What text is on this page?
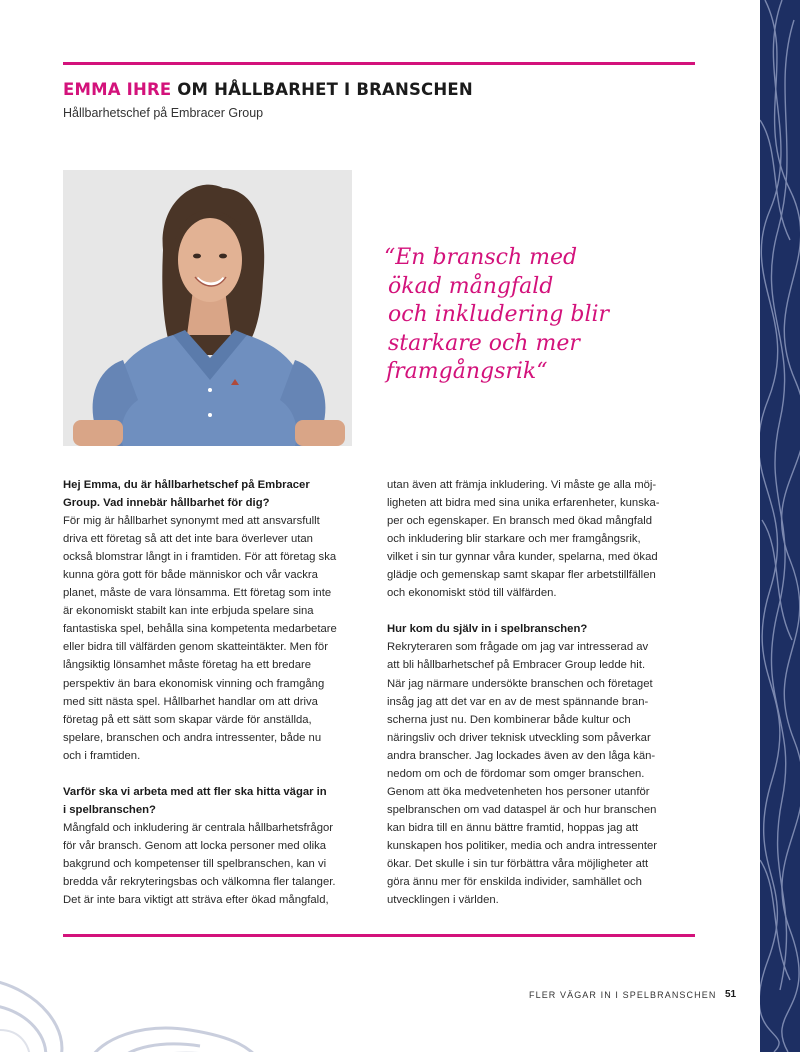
EMMA IHRE OM HÅLLBARHET I BRANSCHEN
Hållbarhetschef på Embracer Group
“En bransch med
ökad mångfald
och inkludering blir
starkare och mer
framgångsrik“
Hej Emma, du är hållbarhetschef på Embracer
Group. Vad innebär hållbarhet för dig?
För mig är hållbarhet synonymt med att ansvarsfullt
driva ett företag så att det inte bara överlever utan
också blomstrar långt in i framtiden. För att företag ska
kunna göra gott för både människor och vår vackra
planet, måste de vara lönsamma. Ett företag som inte
är ekonomiskt stabilt kan inte erbjuda spelare sina
fantastiska spel, behålla sina kompetenta medarbetare
eller bidra till välfärden genom skatteintäkter. Men för
långsiktig lönsamhet måste företag ha ett bredare
perspektiv än bara ekonomisk vinning och framgång
med sitt nästa spel. Hållbarhet handlar om att driva
företag på ett sätt som skapar värde för anställda,
spelare, branschen och andra intressenter, både nu
och i framtiden.
Varför ska vi arbeta med att fler ska hitta vägar in
i spelbranschen?
Mångfald och inkludering är centrala hållbarhetsfrågor
för vår bransch. Genom att locka personer med olika
bakgrund och kompetenser till spelbranschen, kan vi
bredda vår rekryteringsbas och välkomna fler talanger.
Det är inte bara viktigt att sträva efter ökad mångfald,
utan även att främja inkludering. Vi måste ge alla möj-
ligheten att bidra med sina unika erfarenheter, kunska-
per och egenskaper. En bransch med ökad mångfald
och inkludering blir starkare och mer framgångsrik,
vilket i sin tur gynnar våra kunder, spelarna, med ökad
glädje och gemenskap samt skapar fler arbetstillfällen
och ekonomiskt stöd till välfärden.
Hur kom du själv in i spelbranschen?
Rekryteraren som frågade om jag var intresserad av
att bli hållbarhetschef på Embracer Group ledde hit.
När jag närmare undersökte branschen och företaget
insåg jag att det var en av de mest spännande bran-
scherna just nu. Den kombinerar både kultur och
näringsliv och driver teknisk utveckling som påverkar
andra branscher. Jag lockades även av den låga kän-
nedom om och de fördomar som omger branschen.
Genom att öka medvetenheten hos personer utanför
spelbranschen om vad dataspel är och hur branschen
kan bidra till en ännu bättre framtid, hoppas jag att
kunskapen hos politiker, media och andra intressenter
ökar. Det skulle i sin tur förbättra våra möjligheter att
göra ännu mer för enskilda individer, samhället och
utvecklingen i världen.
FLER VÄGAR IN I SPELBRANSCHEN 51
